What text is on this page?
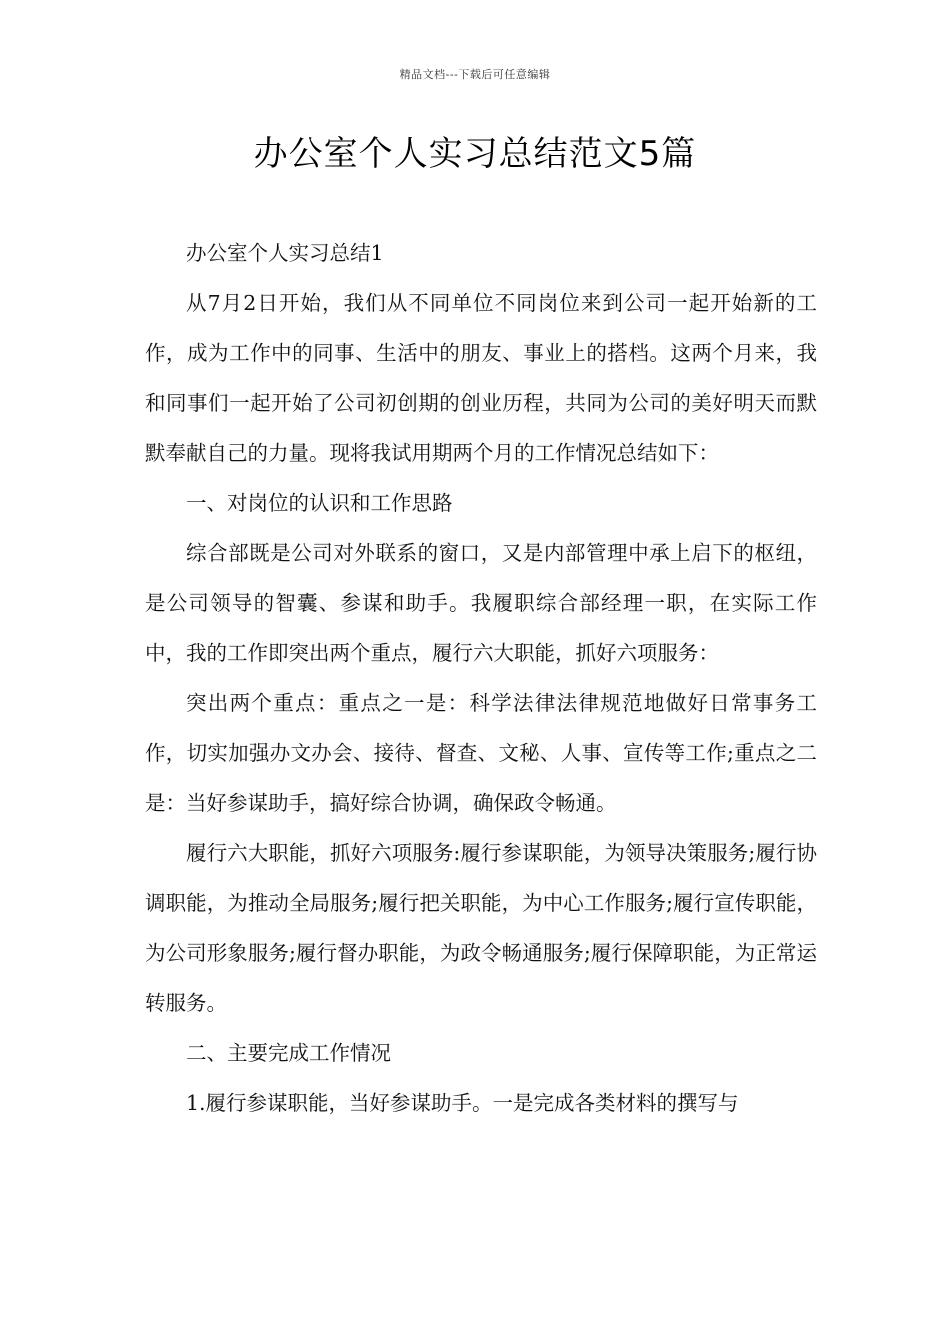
精品文档---下载后可任意编辑
办公室个人实习总结范文5篇

办公室个人实习总结1

从7月2日开始，我们从不同单位不同岗位来到公司一起开始新的工作，成为工作中的同事、生活中的朋友、事业上的搭档。这两个月来，我和同事们一起开始了公司初创期的创业历程，共同为公司的美好明天而默默奉献自己的力量。现将我试用期两个月的工作情况总结如下：

一、对岗位的认识和工作思路

综合部既是公司对外联系的窗口，又是内部管理中承上启下的枢纽，是公司领导的智囊、参谋和助手。我履职综合部经理一职，在实际工作中，我的工作即突出两个重点，履行六大职能，抓好六项服务：

突出两个重点：重点之一是：科学法律法律规范地做好日常事务工作，切实加强办文办会、接待、督查、文秘、人事、宣传等工作;重点之二是：当好参谋助手，搞好综合协调，确保政令畅通。

履行六大职能，抓好六项服务:履行参谋职能，为领导决策服务;履行协调职能，为推动全局服务;履行把关职能，为中心工作服务;履行宣传职能，为公司形象服务;履行督办职能，为政令畅通服务;履行保障职能，为正常运转服务。

二、主要完成工作情况

1.履行参谋职能，当好参谋助手。一是完成各类材料的撰写与
